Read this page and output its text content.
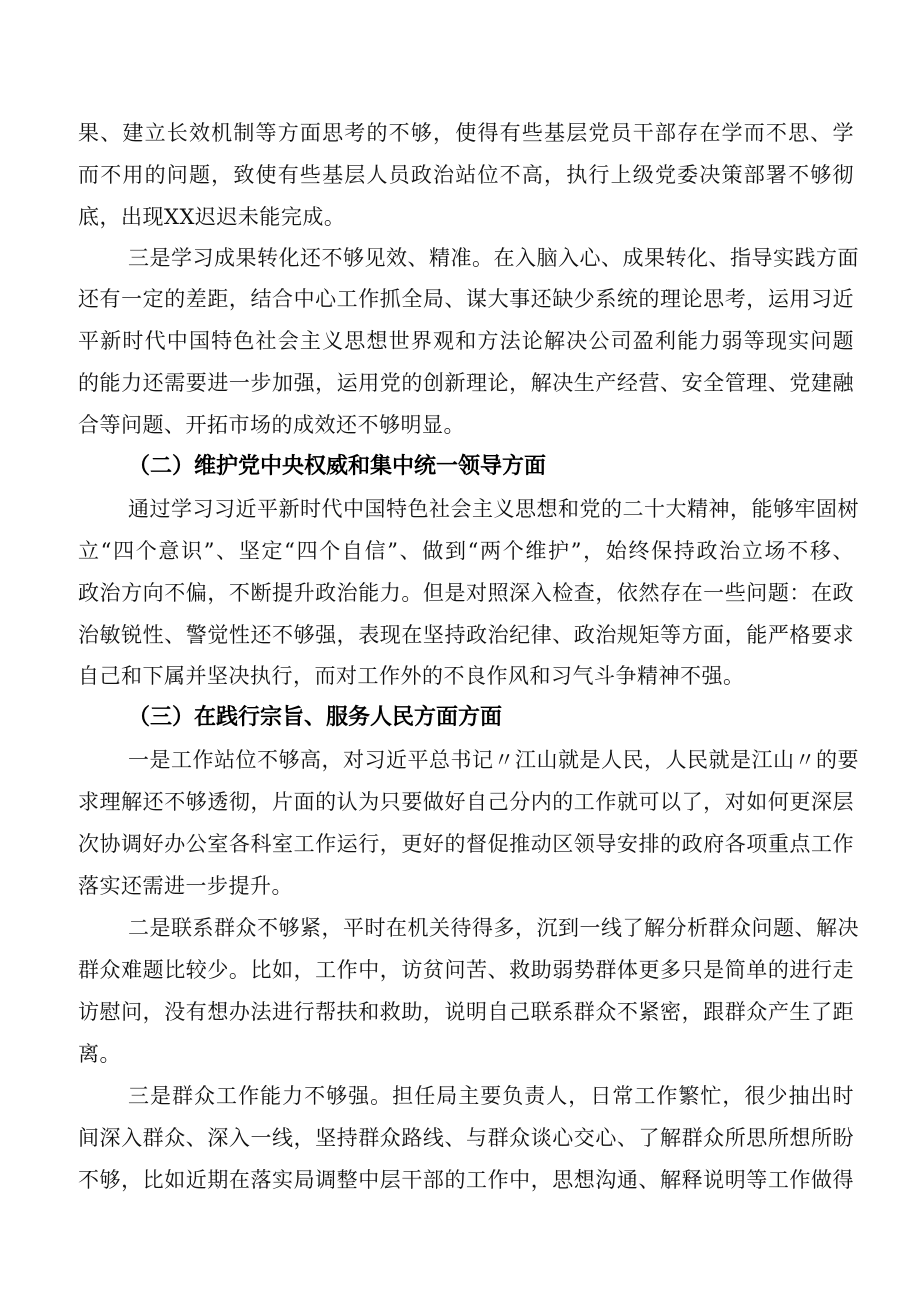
果、建立长效机制等方面思考的不够，使得有些基层党员干部存在学而不思、学
而不用的问题，致使有些基层人员政治站位不高，执行上级党委决策部署不够彻
底，出现XX迟迟未能完成。
三是学习成果转化还不够见效、精准。在入脑入心、成果转化、指导实践方面
还有一定的差距，结合中心工作抓全局、谋大事还缺少系统的理论思考，运用习近
平新时代中国特色社会主义思想世界观和方法论解决公司盈利能力弱等现实问题
的能力还需要进一步加强，运用党的创新理论，解决生产经营、安全管理、党建融
合等问题、开拓市场的成效还不够明显。
（二）维护党中央权威和集中统一领导方面
通过学习习近平新时代中国特色社会主义思想和党的二十大精神，能够牢固树
立“四个意识”、坚定“四个自信”、做到“两个维护”，始终保持政治立场不移、
政治方向不偏，不断提升政治能力。但是对照深入检查，依然存在一些问题：在政
治敏锐性、警觉性还不够强，表现在坚持政治纪律、政治规矩等方面，能严格要求
自己和下属并坚决执行，而对工作外的不良作风和习气斗争精神不强。
（三）在践行宗旨、服务人民方面方面
一是工作站位不够高，对习近平总书记〃江山就是人民，人民就是江山〃的要
求理解还不够透彻，片面的认为只要做好自己分内的工作就可以了，对如何更深层
次协调好办公室各科室工作运行，更好的督促推动区领导安排的政府各项重点工作
落实还需进一步提升。
二是联系群众不够紧，平时在机关待得多，沉到一线了解分析群众问题、解决
群众难题比较少。比如，工作中，访贫问苦、救助弱势群体更多只是简单的进行走
访慰问，没有想办法进行帮扶和救助，说明自己联系群众不紧密，跟群众产生了距
离。
三是群众工作能力不够强。担任局主要负责人，日常工作繁忙，很少抽出时
间深入群众、深入一线，坚持群众路线、与群众谈心交心、了解群众所思所想所盼
不够，比如近期在落实局调整中层干部的工作中，思想沟通、解释说明等工作做得
